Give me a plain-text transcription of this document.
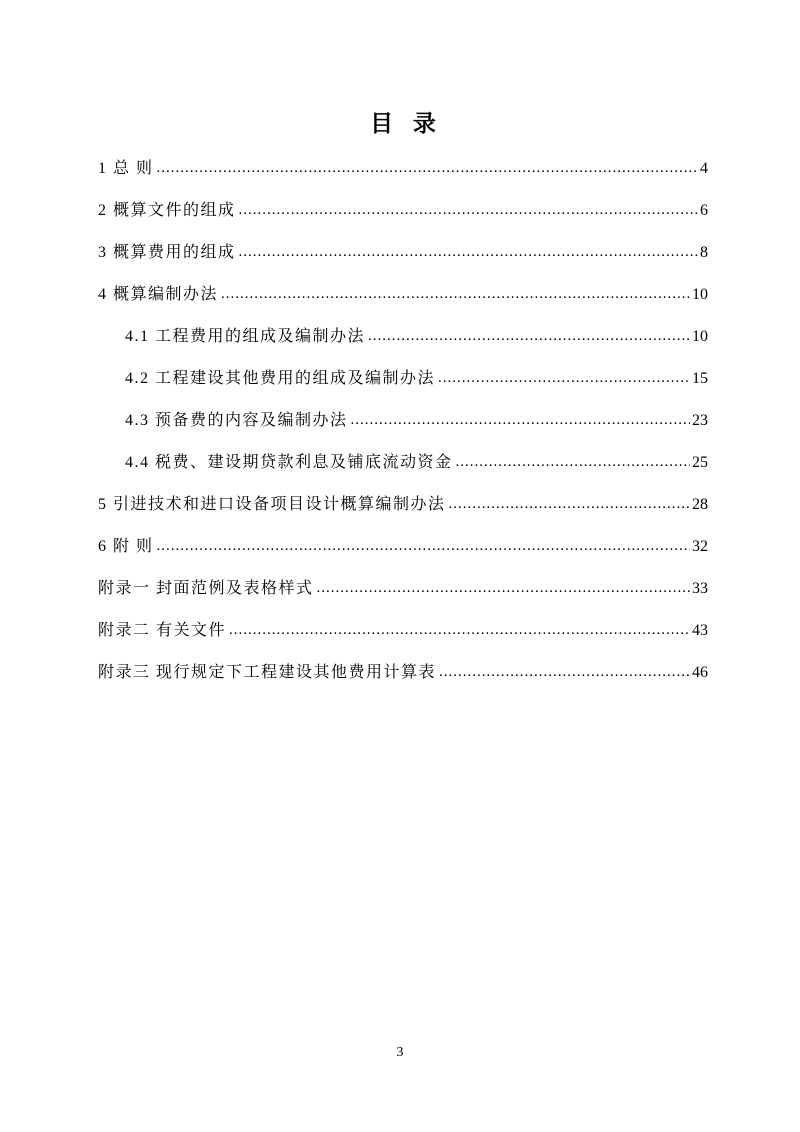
目 录
1 总 则 .....	4
2 概算文件的组成 .....	6
3 概算费用的组成 .....	8
4 概算编制办法 .....	10
4.1 工程费用的组成及编制办法 .....	10
4.2 工程建设其他费用的组成及编制办法 .....	15
4.3 预备费的内容及编制办法 .....	23
4.4 税费、建设期贷款利息及铺底流动资金 .....	25
5 引进技术和进口设备项目设计概算编制办法 .....	28
6 附 则 .....	32
附录一 封面范例及表格样式 .....	33
附录二 有关文件 .....	43
附录三 现行规定下工程建设其他费用计算表 .....	46
3
